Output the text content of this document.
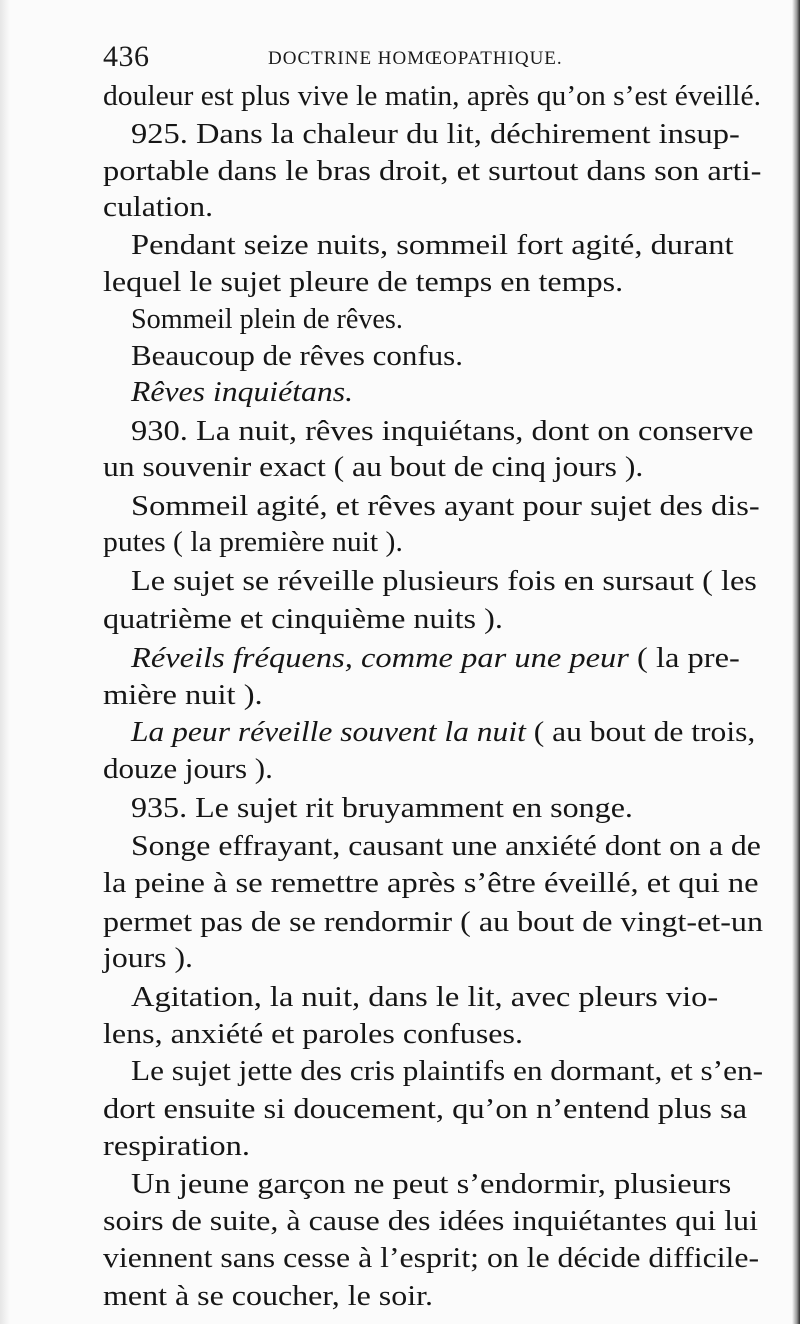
436	DOCTRINE HOMŒOPATHIQUE.
douleur est plus vive le matin, après qu’on s’est éveillé.
925. Dans la chaleur du lit, déchirement insup-
portable dans le bras droit, et surtout dans son arti-
culation.
Pendant seize nuits, sommeil fort agité, durant
lequel le sujet pleure de temps en temps.
Sommeil plein de rêves.
Beaucoup de rêves confus.
Rêves inquiétans.
930. La nuit, rêves inquiétans, dont on conserve
un souvenir exact ( au bout de cinq jours ).
Sommeil agité, et rêves ayant pour sujet des dis-
putes ( la première nuit ).
Le sujet se réveille plusieurs fois en sursaut ( les
quatrième et cinquième nuits ).
Réveils fréquens, comme par une peur ( la pre-
mière nuit ).
La peur réveille souvent la nuit ( au bout de trois,
douze jours ).
935. Le sujet rit bruyamment en songe.
Songe effrayant, causant une anxiété dont on a de
la peine à se remettre après s’être éveillé, et qui ne
permet pas de se rendormir ( au bout de vingt-et-un
jours ).
Agitation, la nuit, dans le lit, avec pleurs vio-
lens, anxiété et paroles confuses.
Le sujet jette des cris plaintifs en dormant, et s’en-
dort ensuite si doucement, qu’on n’entend plus sa
respiration.
Un jeune garçon ne peut s’endormir, plusieurs
soirs de suite, à cause des idées inquiétantes qui lui
viennent sans cesse à l’esprit; on le décide difficile-
ment à se coucher, le soir.
